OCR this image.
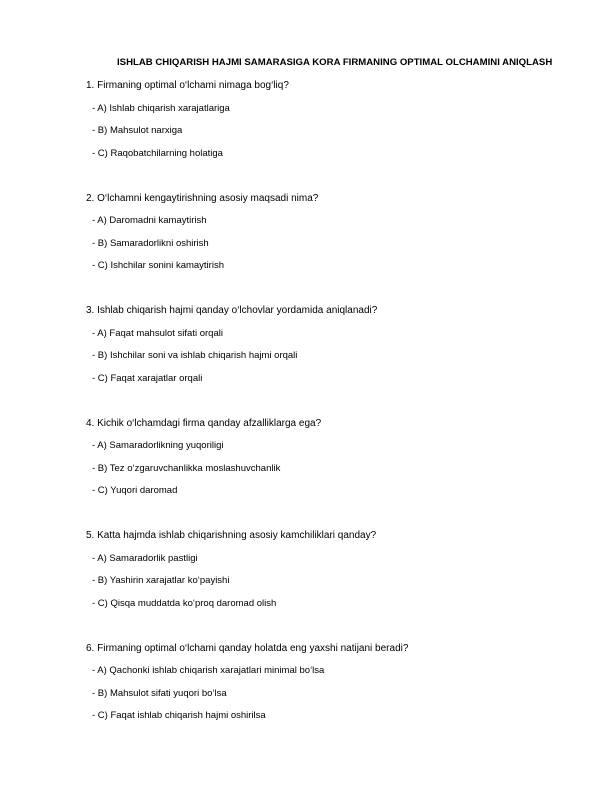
ISHLAB CHIQARISH HAJMI SAMARASIGA KORA FIRMANING OPTIMAL OLCHAMINI ANIQLASH
1. Firmaning optimal o‘lchami nimaga bog‘liq?
- A) Ishlab chiqarish xarajatlariga
- B) Mahsulot narxiga
- C) Raqobatchilarning holatiga
2. O‘lchamni kengaytirishning asosiy maqsadi nima?
- A) Daromadni kamaytirish
- B) Samaradorlikni oshirish
- C) Ishchilar sonini kamaytirish
3. Ishlab chiqarish hajmi qanday o‘lchovlar yordamida aniqlanadi?
- A) Faqat mahsulot sifati orqali
- B) Ishchilar soni va ishlab chiqarish hajmi orqali
- C) Faqat xarajatlar orqali
4. Kichik o‘lchamdagi firma qanday afzalliklarga ega?
- A) Samaradorlikning yuqoriligi
- B) Tez o‘zgaruvchanlikka moslashuvchanlik
- C) Yuqori daromad
5. Katta hajmda ishlab chiqarishning asosiy kamchiliklari qanday?
- A) Samaradorlik pastligi
- B) Yashirin xarajatlar ko‘payishi
- C) Qisqa muddatda ko‘proq daromad olish
6. Firmaning optimal o‘lchami qanday holatda eng yaxshi natijani beradi?
- A) Qachonki ishlab chiqarish xarajatlari minimal bo‘lsa
- B) Mahsulot sifati yuqori bo‘lsa
- C) Faqat ishlab chiqarish hajmi oshirilsa
